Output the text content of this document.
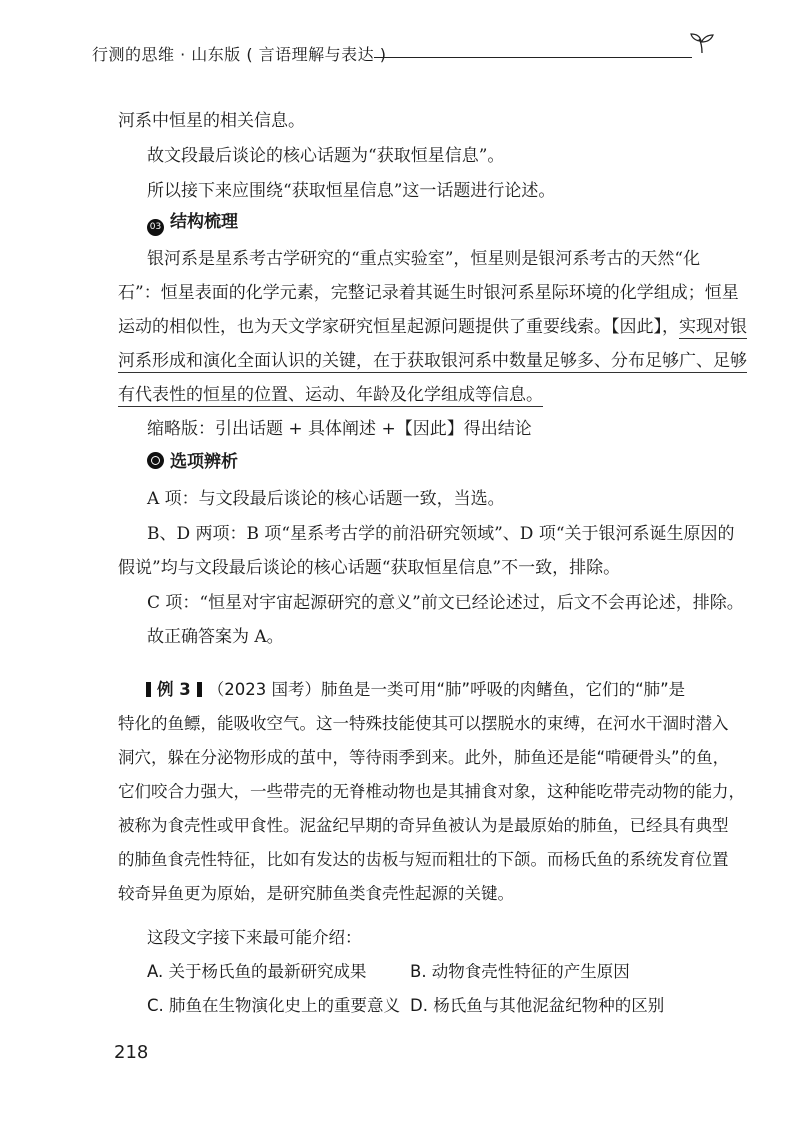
行测的思维 · 山东版 ( 言语理解与表达 )
河系中恒星的相关信息。
故文段最后谈论的核心话题为“获取恒星信息”。
所以接下来应围绕“获取恒星信息”这一话题进行论述。
03 结构梳理
银河系是星系考古学研究的“重点实验室”，恒星则是银河系考古的天然“化
石”：恒星表面的化学元素，完整记录着其诞生时银河系星际环境的化学组成；恒星
运动的相似性，也为天文学家研究恒星起源问题提供了重要线索。【因此】，实现对银
河系形成和演化全面认识的关键，在于获取银河系中数量足够多、分布足够广、足够
有代表性的恒星的位置、运动、年龄及化学组成等信息。
缩略版：引出话题 + 具体阐述 +【因此】得出结论
选项辨析
A 项：与文段最后谈论的核心话题一致，当选。
B、D 两项：B 项“星系考古学的前沿研究领域”、D 项“关于银河系诞生原因的
假说”均与文段最后谈论的核心话题“获取恒星信息”不一致，排除。
C 项：“恒星对宇宙起源研究的意义”前文已经论述过，后文不会再论述，排除。
故正确答案为 A。
例 3 （2023 国考）肺鱼是一类可用“肺”呼吸的肉鳍鱼，它们的“肺”是
特化的鱼鳔，能吸收空气。这一特殊技能使其可以摆脱水的束缚，在河水干涸时潜入
洞穴，躲在分泌物形成的茧中，等待雨季到来。此外，肺鱼还是能“啃硬骨头”的鱼，
它们咬合力强大，一些带壳的无脊椎动物也是其捕食对象，这种能吃带壳动物的能力，
被称为食壳性或甲食性。泥盆纪早期的奇异鱼被认为是最原始的肺鱼，已经具有典型
的肺鱼食壳性特征，比如有发达的齿板与短而粗壮的下颌。而杨氏鱼的系统发育位置
较奇异鱼更为原始，是研究肺鱼类食壳性起源的关键。
这段文字接下来最可能介绍：
A. 关于杨氏鱼的最新研究成果	B. 动物食壳性特征的产生原因
C. 肺鱼在生物演化史上的重要意义 D. 杨氏鱼与其他泥盆纪物种的区别
218
